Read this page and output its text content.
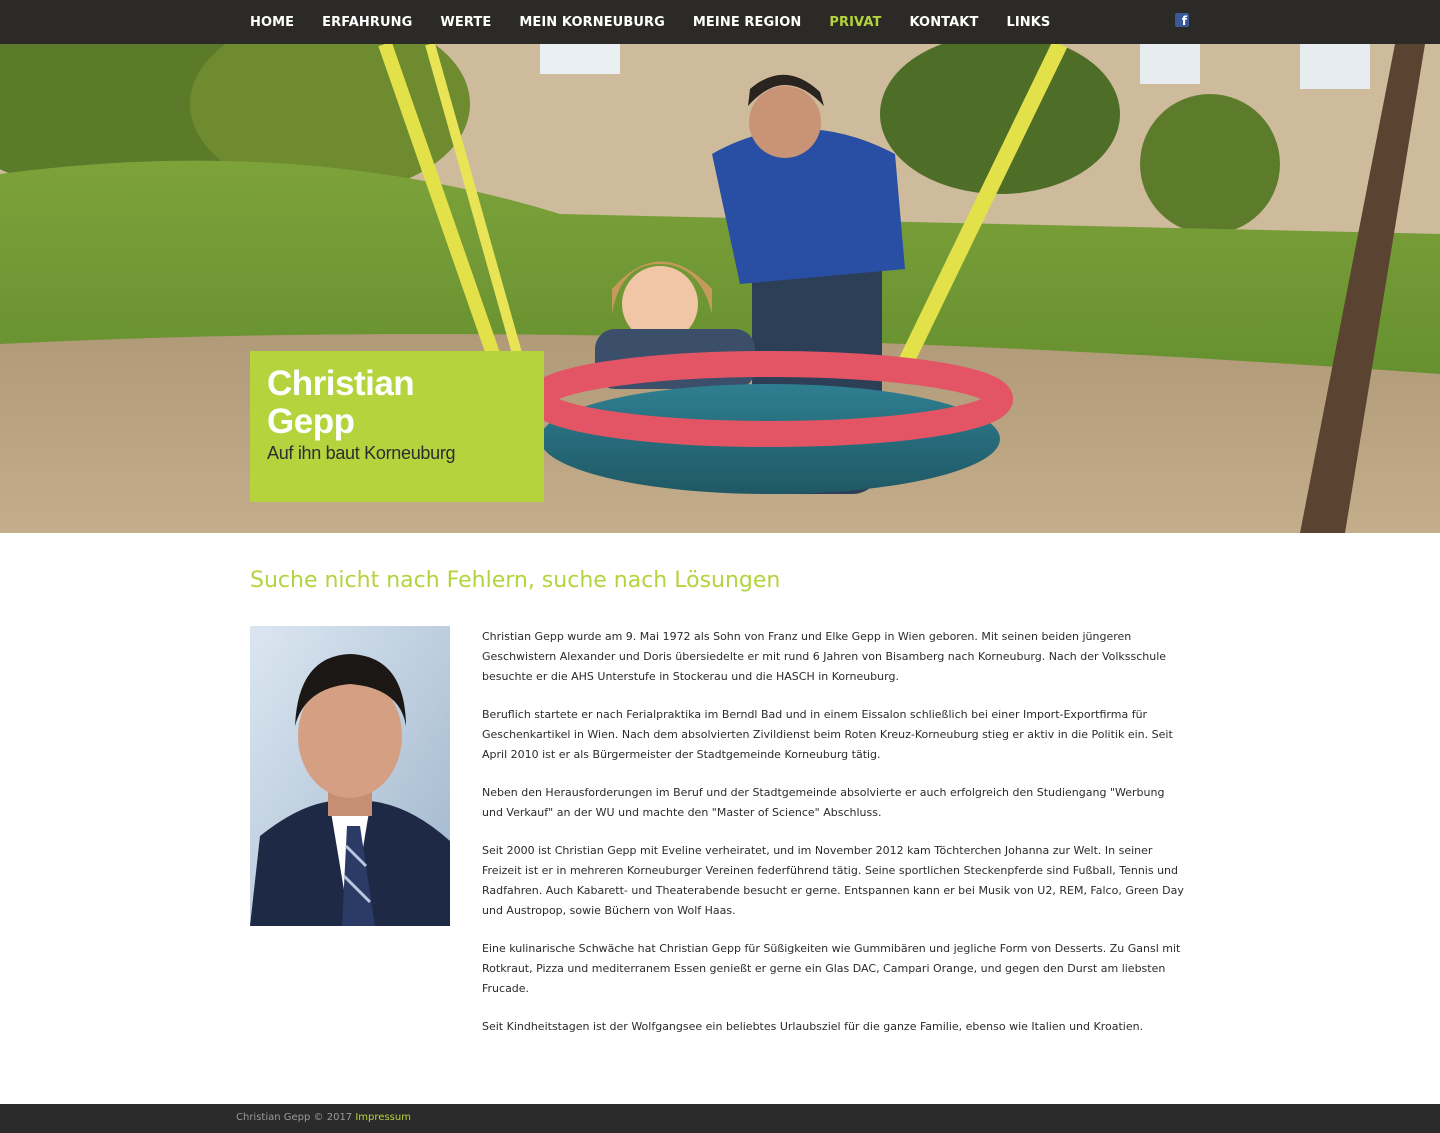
HOME	ERFAHRUNG	WERTE	MEIN KORNEUBURG	MEINE REGION	PRIVAT	KONTAKT	LINKS	f
Christian
Gepp
Auf ihn baut Korneuburg
Suche nicht nach Fehlern, suche nach Lösungen

Christian Gepp wurde am 9. Mai 1972 als Sohn von Franz und Elke Gepp in Wien geboren. Mit seinen beiden jüngeren Geschwistern Alexander und Doris übersiedelte er mit rund 6 Jahren von Bisamberg nach Korneuburg. Nach der Volksschule besuchte er die AHS Unterstufe in Stockerau und die HASCH in Korneuburg.

Beruflich startete er nach Ferialpraktika im Berndl Bad und in einem Eissalon schließlich bei einer Import-Exportfirma für Geschenkartikel in Wien. Nach dem absolvierten Zivildienst beim Roten Kreuz-Korneuburg stieg er aktiv in die Politik ein. Seit April 2010 ist er als Bürgermeister der Stadtgemeinde Korneuburg tätig.

Neben den Herausforderungen im Beruf und der Stadtgemeinde absolvierte er auch erfolgreich den Studiengang "Werbung und Verkauf" an der WU und machte den "Master of Science" Abschluss.

Seit 2000 ist Christian Gepp mit Eveline verheiratet, und im November 2012 kam Töchterchen Johanna zur Welt. In seiner Freizeit ist er in mehreren Korneuburger Vereinen federführend tätig. Seine sportlichen Steckenpferde sind Fußball, Tennis und Radfahren. Auch Kabarett- und Theaterabende besucht er gerne. Entspannen kann er bei Musik von U2, REM, Falco, Green Day und Austropop, sowie Büchern von Wolf Haas.

Eine kulinarische Schwäche hat Christian Gepp für Süßigkeiten wie Gummibären und jegliche Form von Desserts. Zu Gansl mit Rotkraut, Pizza und mediterranem Essen genießt er gerne ein Glas DAC, Campari Orange, und gegen den Durst am liebsten Frucade.

Seit Kindheitstagen ist der Wolfgangsee ein beliebtes Urlaubsziel für die ganze Familie, ebenso wie Italien und Kroatien.

Christian Gepp © 2017 Impressum
